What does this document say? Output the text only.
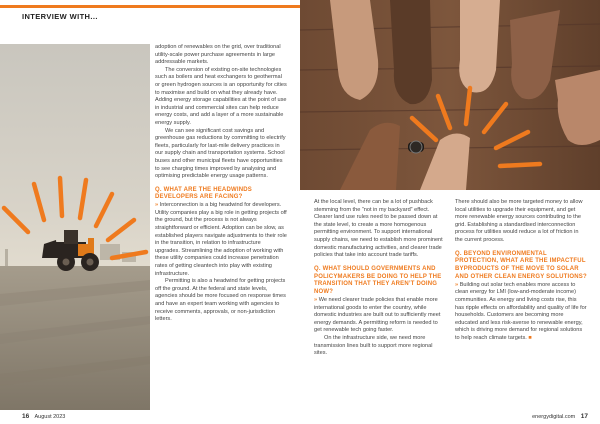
INTERVIEW WITH...

adoption of renewables on the grid, over traditional utility-scale power purchase agreements in large addressable markets.

The conversion of existing on-site technologies such as boilers and heat exchangers to geothermal or green hydrogen sources is an opportunity for cities to maximise and build on what they already have. Adding energy storage capabilities at the point of use in industrial and commercial sites can help reduce energy costs, and add a layer of a more sustainable energy supply.

We can see significant cost savings and greenhouse gas reductions by committing to electrify fleets, particularly for last-mile delivery practices in our supply chain and transportation systems. School buses and other municipal fleets have opportunities to see charging times improved by analysing and optimising predictable energy usage patterns.

Q. WHAT ARE THE HEADWINDS DEVELOPERS ARE FACING?

» Interconnection is a big headwind for developers. Utility companies play a big role in getting projects off the ground, but the process is not always straightforward or efficient. Adoption can be slow, as established players navigate adjustments to their role in the transition, in relation to infrastructure upgrades. Streamlining the adoption of working with these utility companies could increase penetration rates of getting cleantech into play with existing infrastructure.

Permitting is also a headwind for getting projects off the ground. At the federal and state levels, agencies should be more focused on response times and have an expert team working with agencies to receive comments, approvals, or non-jurisdiction letters.

At the local level, there can be a lot of pushback stemming from the “not in my backyard” effect. Clearer land use rules need to be passed down at the state level, to create a more homogenous permitting environment. To support international supply chains, we need to establish more prominent domestic manufacturing activities, and clearer trade policies that take into account trade tariffs.

Q. WHAT SHOULD GOVERNMENTS AND POLICYMAKERS BE DOING TO HELP THE TRANSITION THAT THEY AREN’T DOING NOW?

» We need clearer trade policies that enable more international goods to enter the country, while domestic industries are built out to sufficiently meet energy demands. A permitting reform is needed to get renewable tech going faster.

On the infrastructure side, we need more transmission lines built to support more regional sites.

There should also be more targeted money to allow local utilities to upgrade their equipment, and get more renewable energy sources contributing to the grid. Establishing a standardised interconnection process for utilities would reduce a lot of friction in the current process.

Q. BEYOND ENVIRONMENTAL PROTECTION, WHAT ARE THE IMPACTFUL BYPRODUCTS OF THE MOVE TO SOLAR AND OTHER CLEAN ENERGY SOLUTIONS?

» Building out solar tech enables more access to clean energy for LMI (low-and-moderate income) communities. As energy and living costs rise, this has ripple effects on affordability and quality of life for households. Customers are becoming more educated and less risk-averse to renewable energy, which is driving more demand for regional solutions to help reach climate targets. ■

16 August 2023	energydigital.com 17
